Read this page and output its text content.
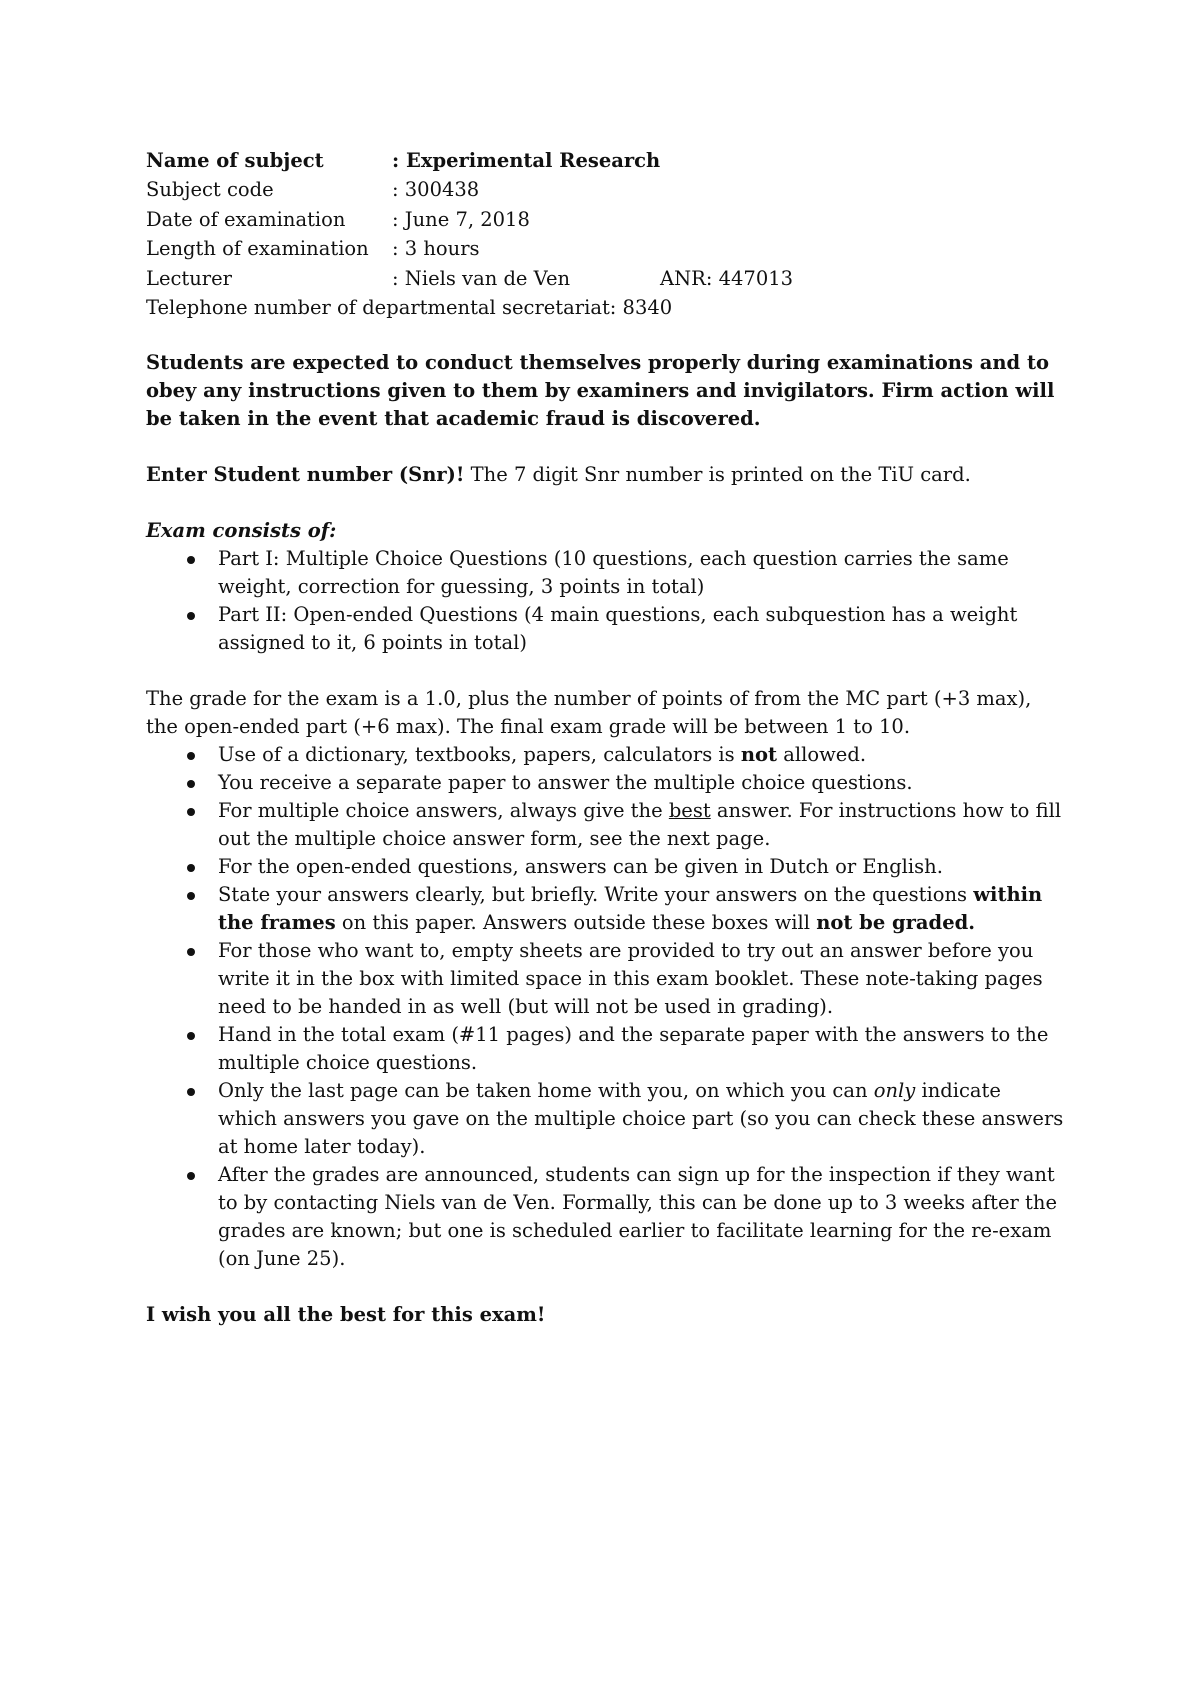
Name of subject	: Experimental Research
Subject code	: 300438
Date of examination	: June 7, 2018
Length of examination	: 3 hours
Lecturer	: Niels van de Ven	ANR: 447013
Telephone number of departmental secretariat: 8340

Students are expected to conduct themselves properly during examinations and to obey any instructions given to them by examiners and invigilators. Firm action will be taken in the event that academic fraud is discovered.

Enter Student number (Snr)! The 7 digit Snr number is printed on the TiU card.

Exam consists of:

Part I: Multiple Choice Questions (10 questions, each question carries the same weight, correction for guessing, 3 points in total)
Part II: Open-ended Questions (4 main questions, each subquestion has a weight assigned to it, 6 points in total)

The grade for the exam is a 1.0, plus the number of points of from the MC part (+3 max), the open-ended part (+6 max). The final exam grade will be between 1 to 10.

Use of a dictionary, textbooks, papers, calculators is not allowed.
You receive a separate paper to answer the multiple choice questions.
For multiple choice answers, always give the best answer. For instructions how to fill out the multiple choice answer form, see the next page.
For the open-ended questions, answers can be given in Dutch or English.
State your answers clearly, but briefly. Write your answers on the questions within the frames on this paper. Answers outside these boxes will not be graded.
For those who want to, empty sheets are provided to try out an answer before you write it in the box with limited space in this exam booklet. These note-taking pages need to be handed in as well (but will not be used in grading).
Hand in the total exam (#11 pages) and the separate paper with the answers to the multiple choice questions.
Only the last page can be taken home with you, on which you can only indicate which answers you gave on the multiple choice part (so you can check these answers at home later today).
After the grades are announced, students can sign up for the inspection if they want to by contacting Niels van de Ven. Formally, this can be done up to 3 weeks after the grades are known; but one is scheduled earlier to facilitate learning for the re-exam (on June 25).

I wish you all the best for this exam!
